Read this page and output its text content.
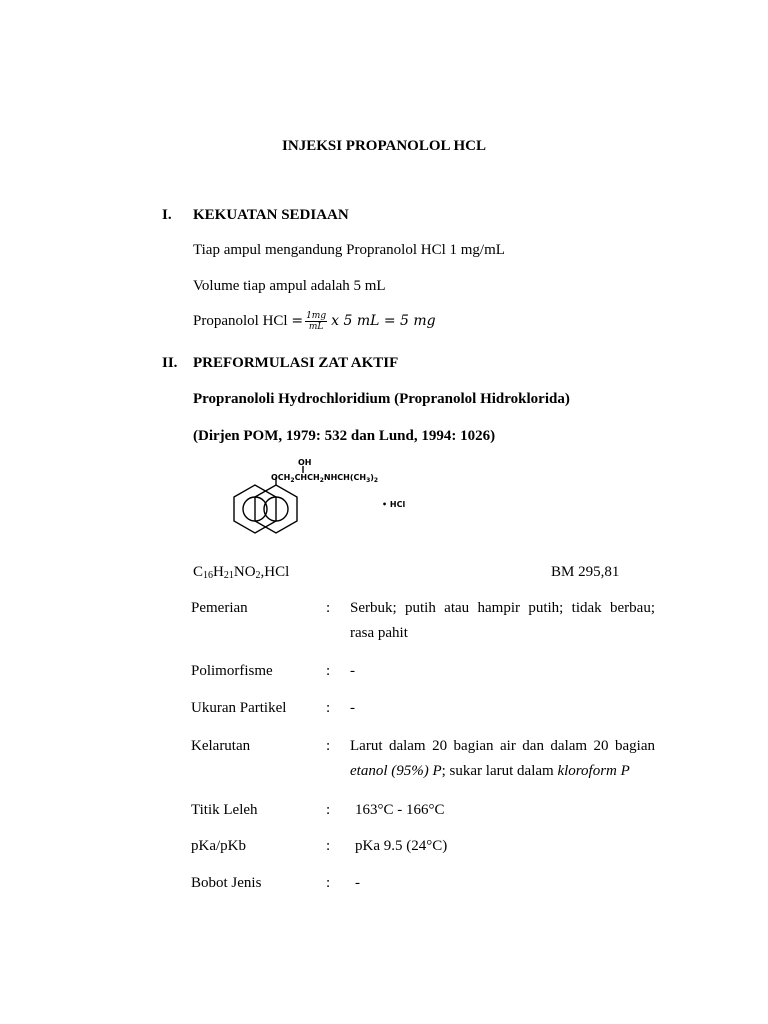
INJEKSI PROPANOLOL HCL
I. KEKUATAN SEDIAAN
Tiap ampul mengandung Propranolol HCl 1 mg/mL
Volume tiap ampul adalah 5 mL
Propanolol HCl = $\frac{1mg}{mL}$ x 5 mL = 5 mg
II. PREFORMULASI ZAT AKTIF
Propranololi Hydrochloridium (Propranolol Hidroklorida)
(Dirjen POM, 1979: 532 dan Lund, 1994: 1026)
OH
$OCH_2CHCH_2NHCH(CH_3)_2$
• HCl
$C_{16}H_{21}NO_2,HCl$	BM 295,81
Pemerian	: Serbuk; putih atau hampir putih; tidak berbau;
rasa pahit
Polimorfisme	: -
Ukuran Partikel	: -
Kelarutan	: Larut dalam 20 bagian air dan dalam 20 bagian
etanol (95%) P; sukar larut dalam kloroform P
Titik Leleh	: 163°C - 166°C
pKa/pKb	: pKa 9.5 (24°C)
Bobot Jenis	: -
